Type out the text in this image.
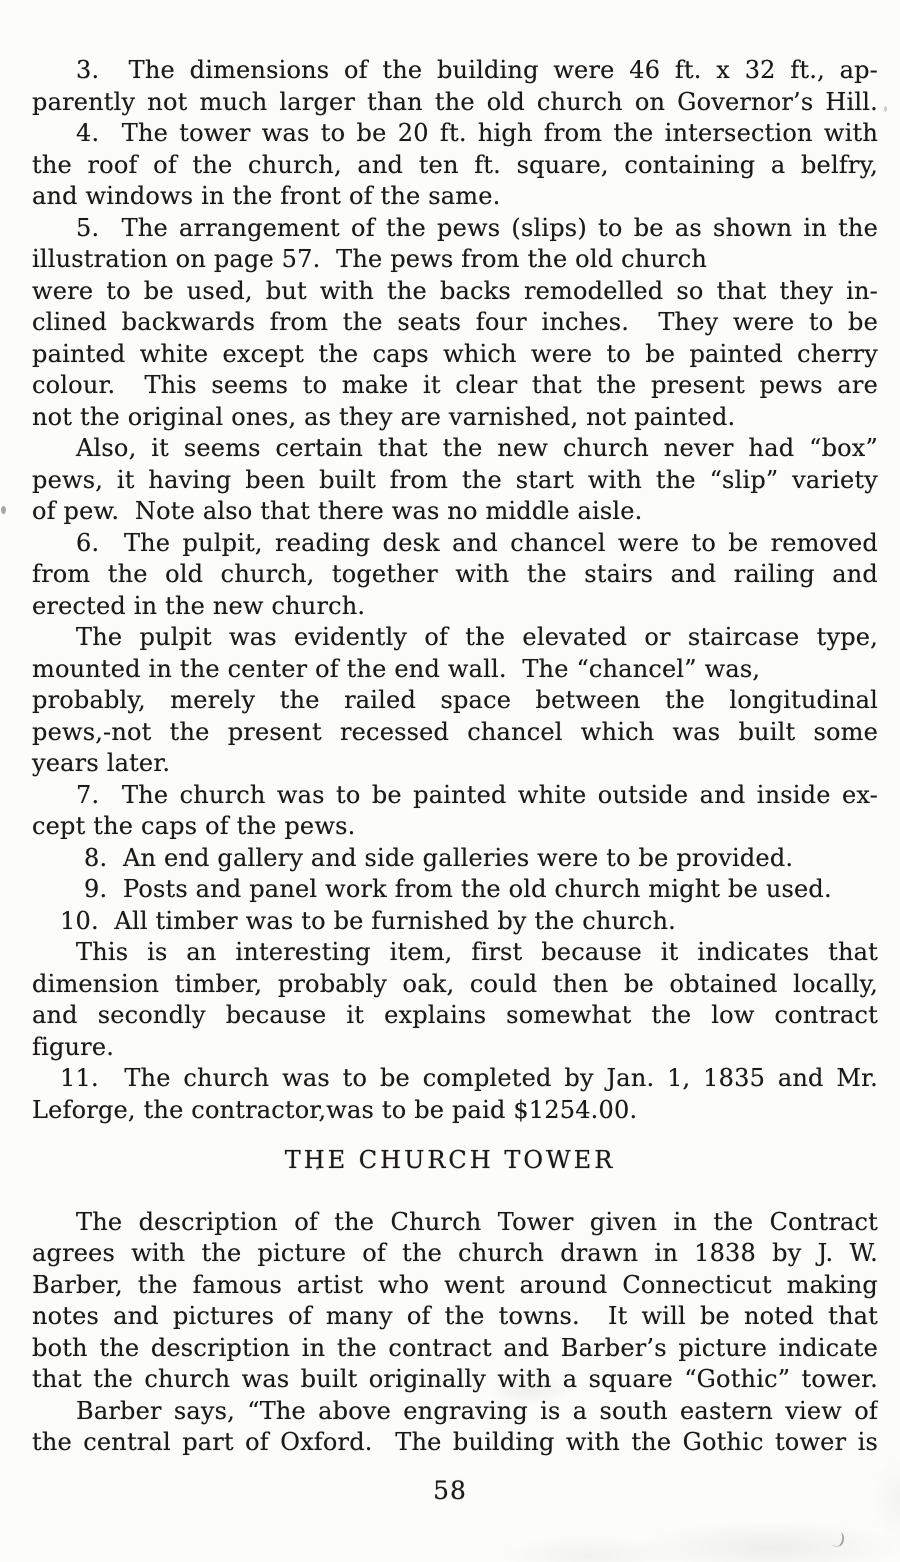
3.  The dimensions of the building were 46 ft. x 32 ft., ap-
parently not much larger than the old church on Governor’s Hill.
4.  The tower was to be 20 ft. high from the intersection with
the roof of the church, and ten ft. square, containing a belfry,
and windows in the front of the same.
5.  The arrangement of the pews (slips) to be as shown in the
illustration on page 57.  The pews from the old church
were to be used, but with the backs remodelled so that they in-
clined backwards from the seats four inches.  They were to be
painted white except the caps which were to be painted cherry
colour.  This seems to make it clear that the present pews are
not the original ones, as they are varnished, not painted.
Also, it seems certain that the new church never had “box”
pews, it having been built from the start with the “slip” variety
of pew.  Note also that there was no middle aisle.
6.  The pulpit, reading desk and chancel were to be removed
from the old church, together with the stairs and railing and
erected in the new church.
The pulpit was evidently of the elevated or staircase type,
mounted in the center of the end wall.  The “chancel” was,
probably, merely the railed space between the longitudinal
pews,-not the present recessed chancel which was built some
years later.
7.  The church was to be painted white outside and inside ex-
cept the caps of the pews.
8.  An end gallery and side galleries were to be provided.
9.  Posts and panel work from the old church might be used.
10.  All timber was to be furnished by the church.
This is an interesting item, first because it indicates that
dimension timber, probably oak, could then be obtained locally,
and secondly because it explains somewhat the low contract
figure.
11.  The church was to be completed by Jan. 1, 1835 and Mr.
Leforge, the contractor,was to be paid $1254.00.
THE CHURCH TOWER
The description of the Church Tower given in the Contract
agrees with the picture of the church drawn in 1838 by J. W.
Barber, the famous artist who went around Connecticut making
notes and pictures of many of the towns.  It will be noted that
both the description in the contract and Barber’s picture indicate
that the church was built originally with a square “Gothic” tower.
Barber says, “The above engraving is a south eastern view of
the central part of Oxford.  The building with the Gothic tower is
58
